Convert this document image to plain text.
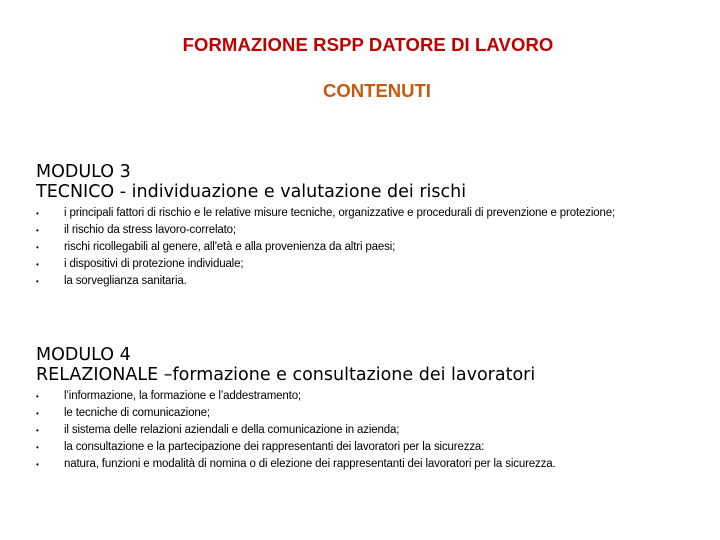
FORMAZIONE RSPP DATORE DI LAVORO
CONTENUTI
MODULO 3
TECNICO - individuazione e valutazione dei rischi
• i principali fattori di rischio e le relative misure tecniche, organizzative e procedurali di prevenzione e protezione;
• il rischio da stress lavoro-correlato;
• rischi ricollegabili al genere, all'età e alla provenienza da altri paesi;
• i dispositivi di protezione individuale;
• la sorveglianza sanitaria.
MODULO 4
RELAZIONALE –formazione e consultazione dei lavoratori
• l’informazione, la formazione e l’addestramento;
• le tecniche di comunicazione;
• il sistema delle relazioni aziendali e della comunicazione in azienda;
• la consultazione e la partecipazione dei rappresentanti dei lavoratori per la sicurezza:
• natura, funzioni e modalità di nomina o di elezione dei rappresentanti dei lavoratori per la sicurezza.
